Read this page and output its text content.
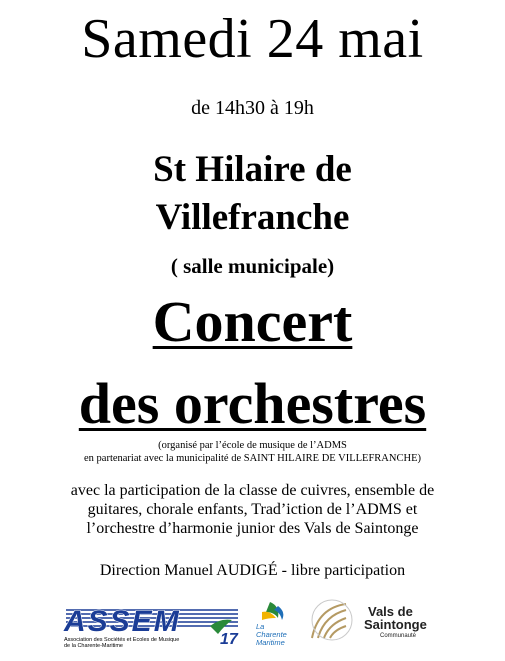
Samedi 24 mai
de 14h30 à 19h
St Hilaire de
Villefranche
( salle municipale)
Concert
des orchestres
(organisé par l’école de musique de l’ADMS
en partenariat avec la municipalité de SAINT HILAIRE DE VILLEFRANCHE)
avec la participation de la classe de cuivres, ensemble de
guitares, chorale enfants, Trad’iction de l’ADMS et
l’orchestre d’harmonie junior des Vals de Saintonge
Direction Manuel AUDIGÉ - libre participation
ASSEM
17
Association des Sociétés et Ecoles de Musique
de la Charente-Maritime
La
Charente
Maritime
Vals de
Saintonge
Communauté
